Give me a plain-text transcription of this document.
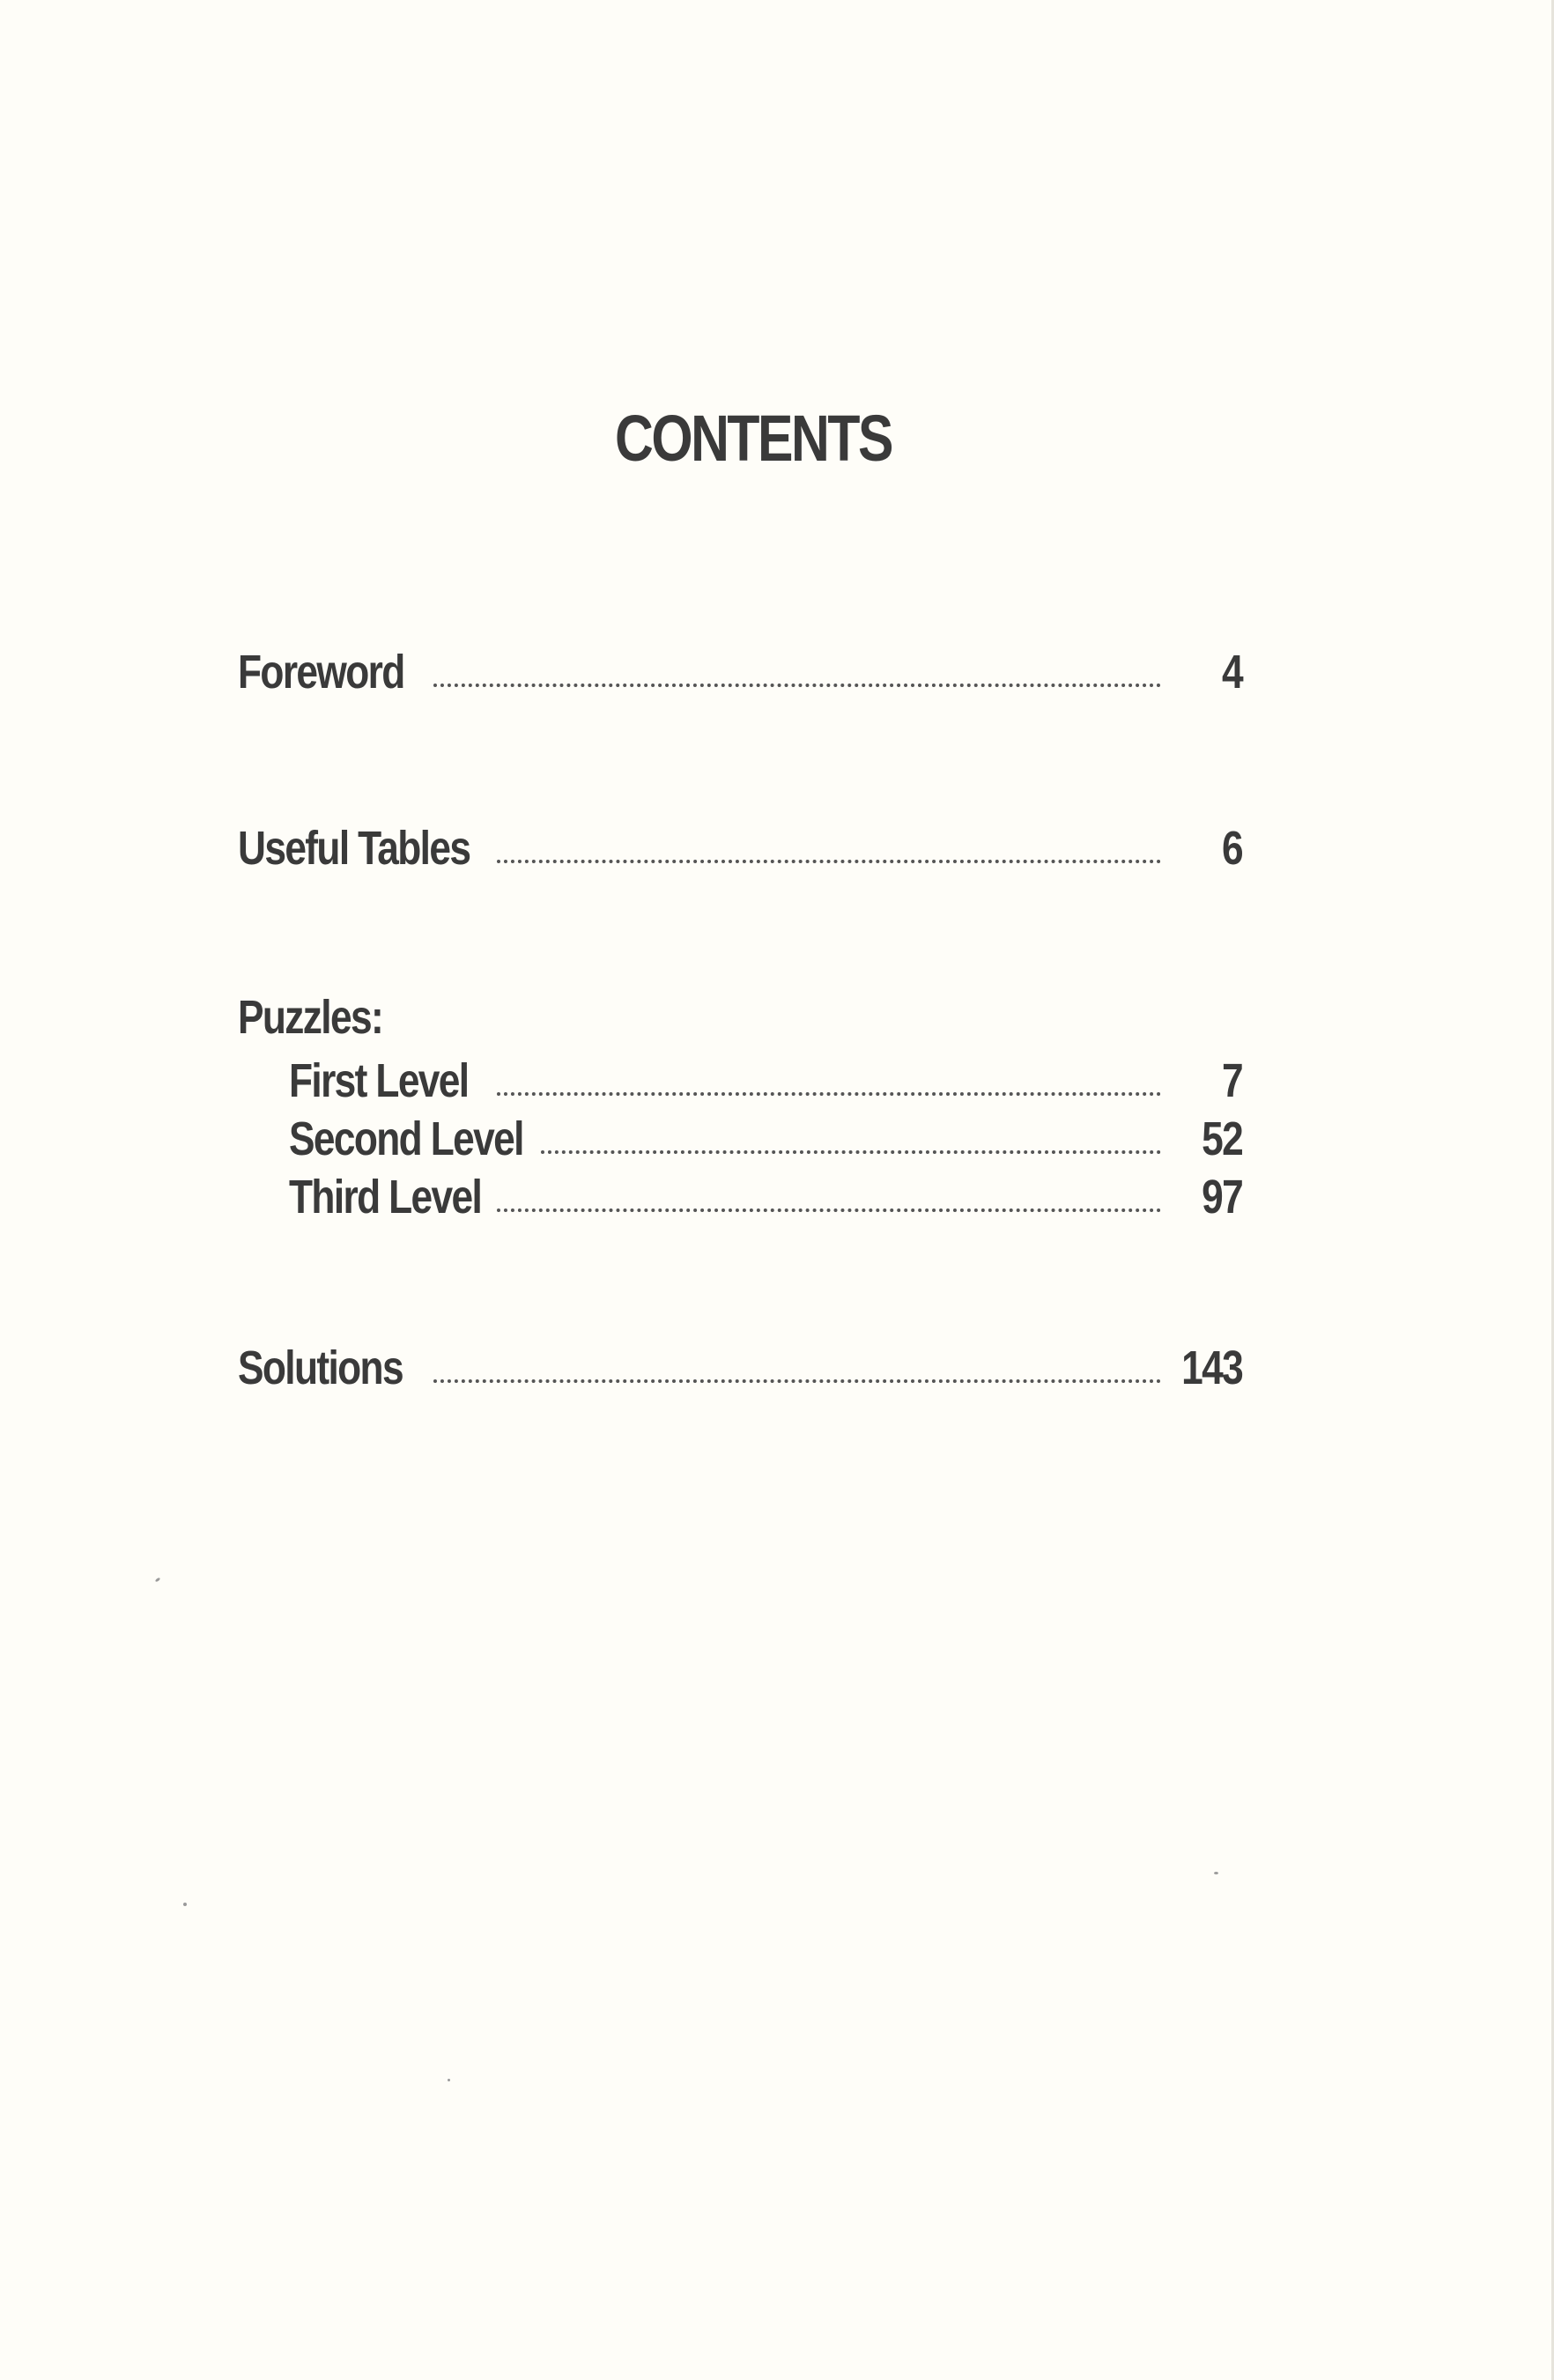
CONTENTS
Foreword	4
Useful Tables	6
Puzzles:
First Level	7
Second Level	52
Third Level	97
Solutions	143
